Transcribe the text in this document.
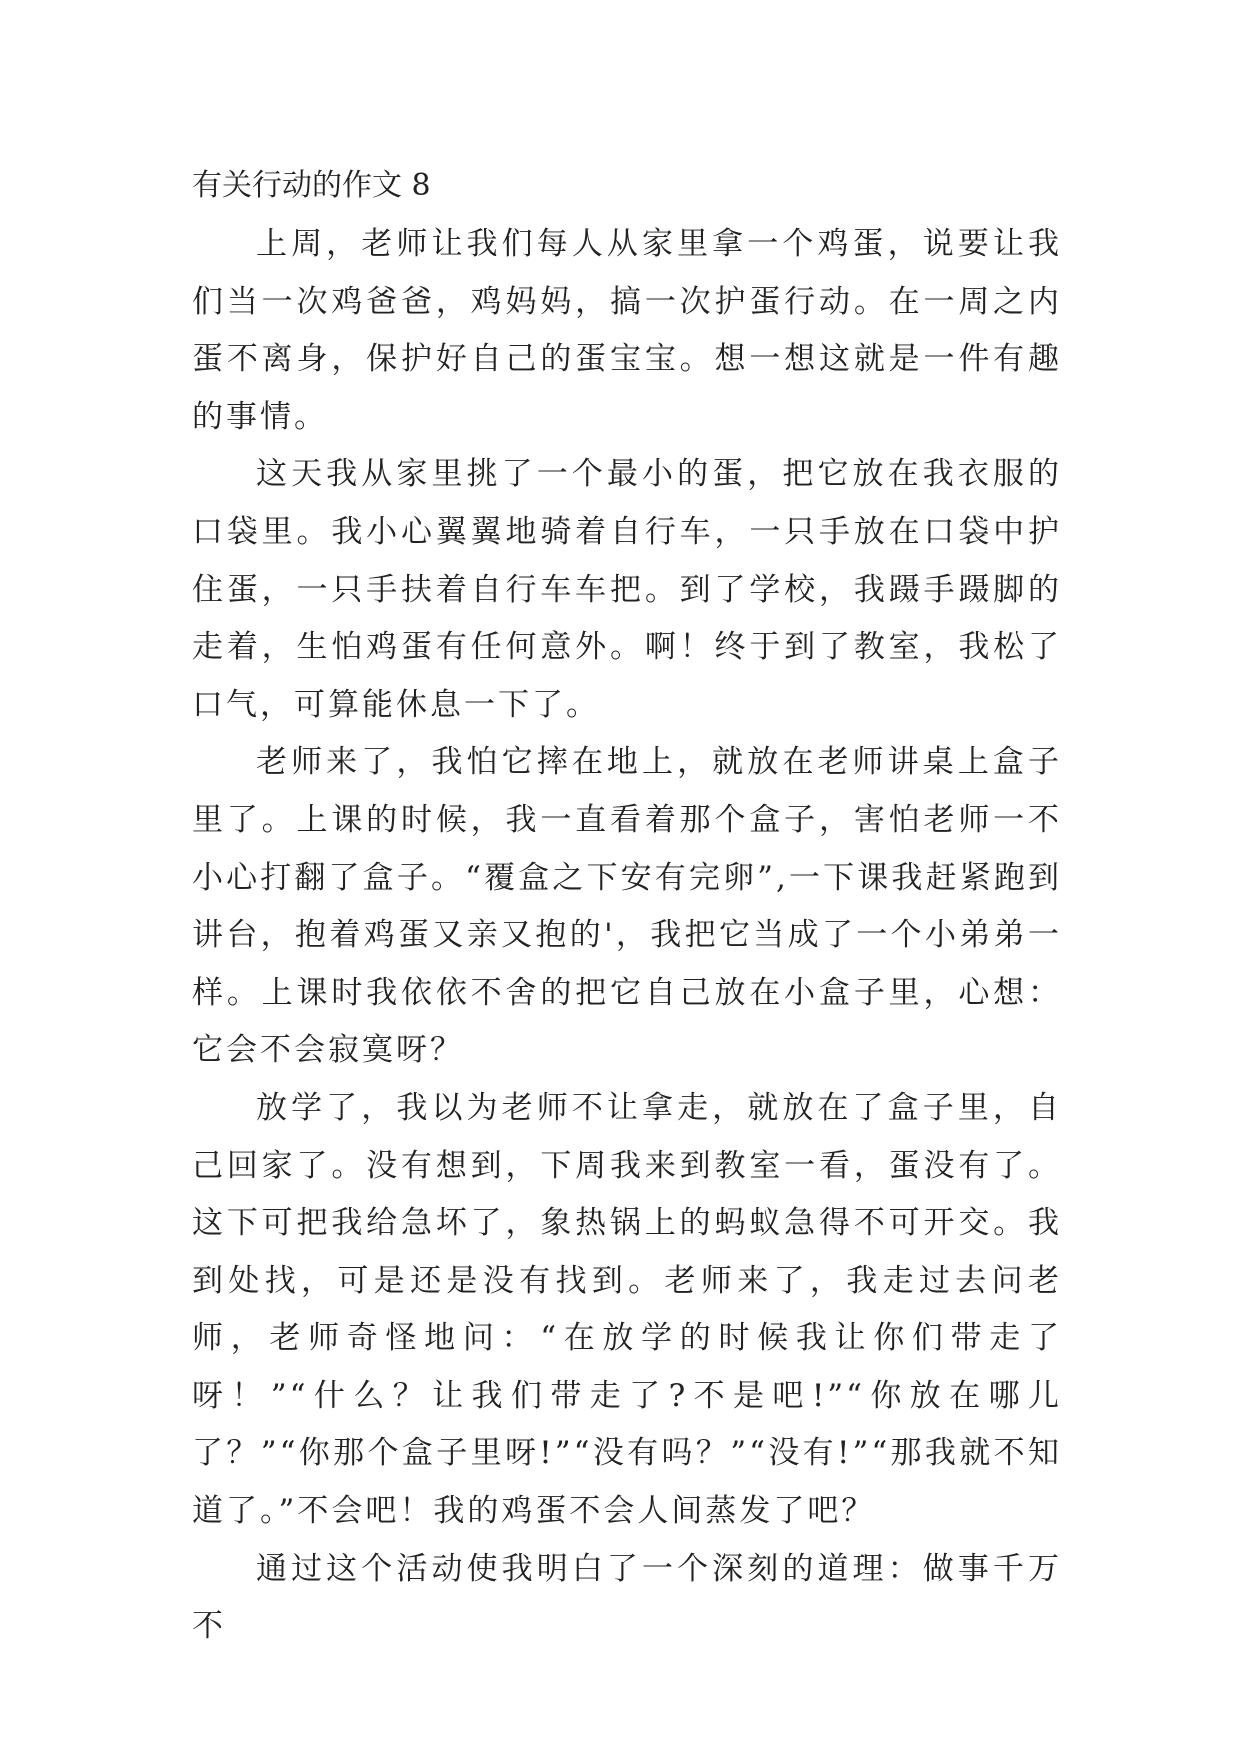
有关行动的作文 8

上周，老师让我们每人从家里拿一个鸡蛋，说要让我们当一次鸡爸爸，鸡妈妈，搞一次护蛋行动。在一周之内蛋不离身，保护好自己的蛋宝宝。想一想这就是一件有趣的事情。

这天我从家里挑了一个最小的蛋，把它放在我衣服的口袋里。我小心翼翼地骑着自行车，一只手放在口袋中护住蛋，一只手扶着自行车车把。到了学校，我蹑手蹑脚的走着，生怕鸡蛋有任何意外。啊！终于到了教室，我松了口气，可算能休息一下了。

老师来了，我怕它摔在地上，就放在老师讲桌上盒子里了。上课的时候，我一直看着那个盒子，害怕老师一不小心打翻了盒子。“覆盒之下安有完卵”,一下课我赶紧跑到讲台，抱着鸡蛋又亲又抱的'，我把它当成了一个小弟弟一样。上课时我依依不舍的把它自己放在小盒子里，心想：它会不会寂寞呀？

放学了，我以为老师不让拿走，就放在了盒子里，自己回家了。没有想到，下周我来到教室一看，蛋没有了。这下可把我给急坏了，象热锅上的蚂蚁急得不可开交。我到处找，可是还是没有找到。老师来了，我走过去问老师，老师奇怪地问：“在放学的时候我让你们带走了呀！”“什么？让我们带走了?不是吧!”“你放在哪儿了？”“你那个盒子里呀!”“没有吗？”“没有!”“那我就不知道了。”不会吧！我的鸡蛋不会人间蒸发了吧？

通过这个活动使我明白了一个深刻的道理：做事千万不
